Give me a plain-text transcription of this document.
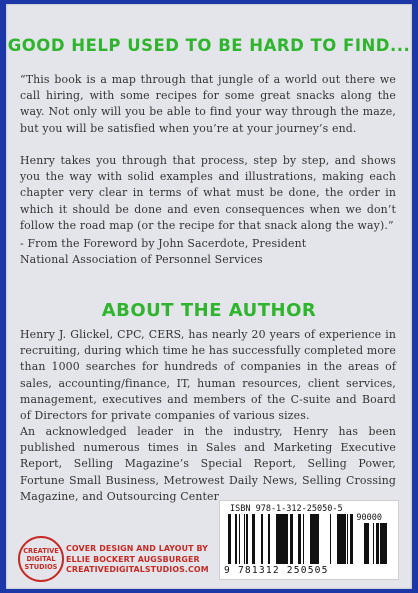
GOOD HELP USED TO BE HARD TO FIND...

“This book is a map through that jungle of a world out there we call hiring, with some recipes for some great snacks along the way. Not only will you be able to find your way through the maze, but you will be satisfied when you’re at your journey’s end.

Henry takes you through that process, step by step, and shows you the way with solid examples and illustrations, making each chapter very clear in terms of what must be done, the order in which it should be done and even consequences when we don’t follow the road map (or the recipe for that snack along the way).”

- From the Foreword by John Sacerdote, President
National Association of Personnel Services

ABOUT THE AUTHOR

Henry J. Glickel, CPC, CERS, has nearly 20 years of experience in recruiting, during which time he has successfully completed more than 1000 searches for hundreds of companies in the areas of sales, accounting/finance, IT, human resources, client services, management, executives and members of the C-suite and Board of Directors for private companies of various sizes.

An acknowledged leader in the industry, Henry has been published numerous times in Sales and Marketing Executive Report, Selling Magazine’s Special Report, Selling Power, Fortune Small Business, Metrowest Daily News, Selling Crossing Magazine, and Outsourcing Center

CREATIVE
DIGITAL
STUDIOS

COVER DESIGN AND LAYOUT BY
ELLIE BOCKERT AUGSBURGER
CREATIVEDIGITALSTUDIOS.COM

ISBN 978-1-312-25050-5
90000
9 781312 250505
